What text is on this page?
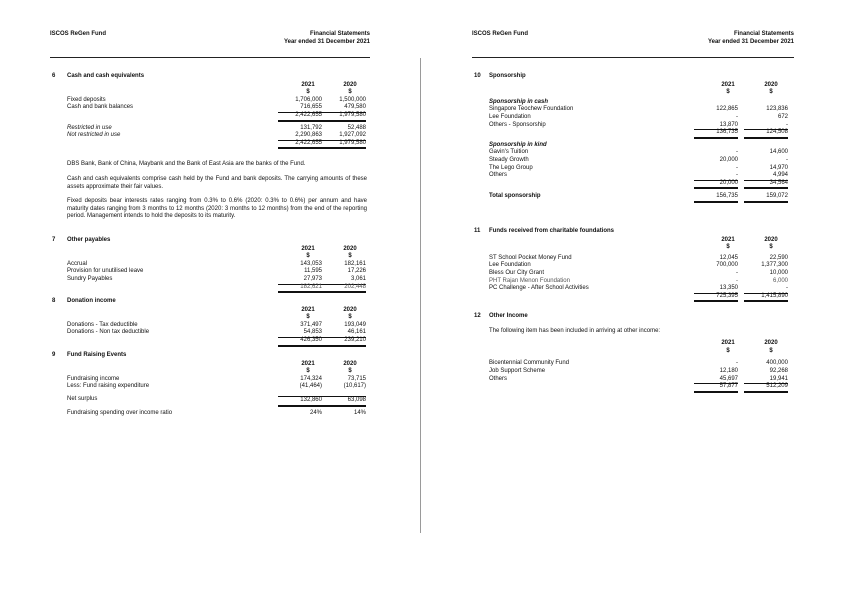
ISCOS ReGen Fund	Financial Statements
Year ended 31 December 2021
6 Cash and cash equivalents
2021	2020
$	$
Fixed deposits	1,706,000	1,500,000
Cash and bank balances	716,655	479,580
2,422,655	1,979,580
Restricted in use	131,792	52,488
Not restricted in use	2,290,863	1,927,092
2,422,655	1,979,580
DBS Bank, Bank of China, Maybank and the Bank of East Asia are the banks of the Fund.
Cash and cash equivalents comprise cash held by the Fund and bank deposits. The carrying amounts of these assets approximate their fair values.
Fixed deposits bear interests rates ranging from 0.3% to 0.6% (2020: 0.3% to 0.6%) per annum and have maturity dates ranging from 3 months to 12 months (2020: 3 months to 12 months) from the end of the reporting period. Management intends to hold the deposits to its maturity.
7 Other payables
2021	2020
$	$
Accrual	143,053	182,161
Provision for unutilised leave	11,595	17,226
Sundry Payables	27,973	3,061
182,621	202,448
8 Donation income
2021	2020
$	$
Donations - Tax deductible	371,497	193,049
Donations - Non tax deductible	54,853	46,161
426,350	239,210
9 Fund Raising Events
2021	2020
$	$
Fundraising income	174,324	73,715
Less: Fund raising expenditure	(41,464)	(10,617)
Net surplus	132,860	63,098
Fundraising spending over income ratio	24%	14%
ISCOS ReGen Fund	Financial Statements
Year ended 31 December 2021
10 Sponsorship
2021	2020
$	$
Sponsorship in cash
Singapore Teochew Foundation	122,865	123,836
Lee Foundation	-	672
Others - Sponsorship	13,870	-
136,735	124,508
Sponsorship in kind
Gavin's Tuition	-	14,600
Steady Growth	20,000	-
The Lego Group	-	14,970
Others	-	4,994
20,000	34,564
Total sponsorship	156,735	159,072
11 Funds received from charitable foundations
2021	2020
$	$
ST School Pocket Money Fund	12,045	22,590
Lee Foundation	700,000	1,377,300
Bless Our City Grant	-	10,000
PHT Rajan Menon Foundation	-	6,000
PC Challenge - After School Activities	13,350	-
725,395	1,415,890
12 Other Income
The following item has been included in arriving at other income:
2021	2020
$	$
Bicentennial Community Fund	-	400,000
Job Support Scheme	12,180	92,268
Others	45,697	19,941
57,877	512,209
